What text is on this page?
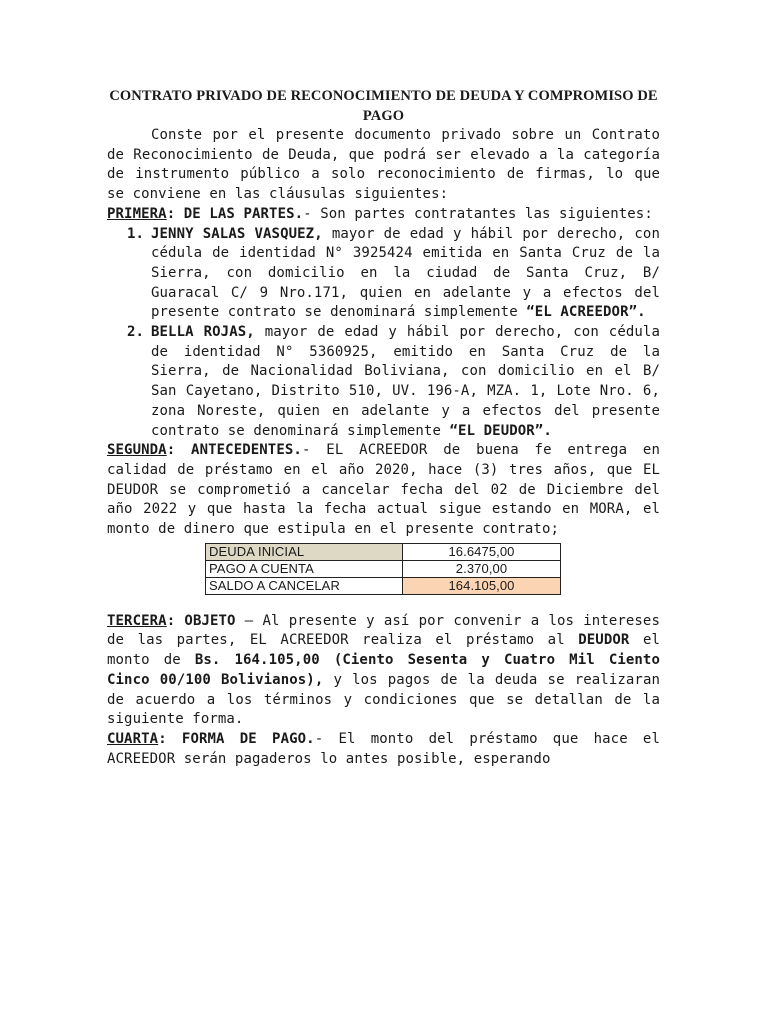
CONTRATO PRIVADO DE RECONOCIMIENTO DE DEUDA Y COMPROMISO DE PAGO

Conste por el presente documento privado sobre un Contrato de Reconocimiento de Deuda, que podrá ser elevado a la categoría de instrumento público a solo reconocimiento de firmas, lo que se conviene en las cláusulas siguientes:

PRIMERA: DE LAS PARTES.- Son partes contratantes las siguientes:

1. JENNY SALAS VASQUEZ, mayor de edad y hábil por derecho, con cédula de identidad N° 3925424 emitida en Santa Cruz de la Sierra, con domicilio en la ciudad de Santa Cruz, B/ Guaracal C/ 9 Nro.171, quien en adelante y a efectos del presente contrato se denominará simplemente “EL ACREEDOR”.
2. BELLA ROJAS, mayor de edad y hábil por derecho, con cédula de identidad N° 5360925, emitido en Santa Cruz de la Sierra, de Nacionalidad Boliviana, con domicilio en el B/ San Cayetano, Distrito 510, UV. 196-A, MZA. 1, Lote Nro. 6, zona Noreste, quien en adelante y a efectos del presente contrato se denominará simplemente “EL DEUDOR”.

SEGUNDA: ANTECEDENTES.- EL ACREEDOR de buena fe entrega en calidad de préstamo en el año 2020, hace (3) tres años, que EL DEUDOR se comprometió a cancelar fecha del 02 de Diciembre del año 2022 y que hasta la fecha actual sigue estando en MORA, el monto de dinero que estipula en el presente contrato;

DEUDA INICIAL	16.6475,00
PAGO A CUENTA	2.370,00
SALDO A CANCELAR	164.105,00

TERCERA: OBJETO – Al presente y así por convenir a los intereses de las partes, EL ACREEDOR realiza el préstamo al DEUDOR el monto de Bs. 164.105,00 (Ciento Sesenta y Cuatro Mil Ciento Cinco 00/100 Bolivianos), y los pagos de la deuda se realizaran de acuerdo a los términos y condiciones que se detallan de la siguiente forma.

CUARTA: FORMA DE PAGO.- El monto del préstamo que hace el ACREEDOR serán pagaderos lo antes posible, esperando
